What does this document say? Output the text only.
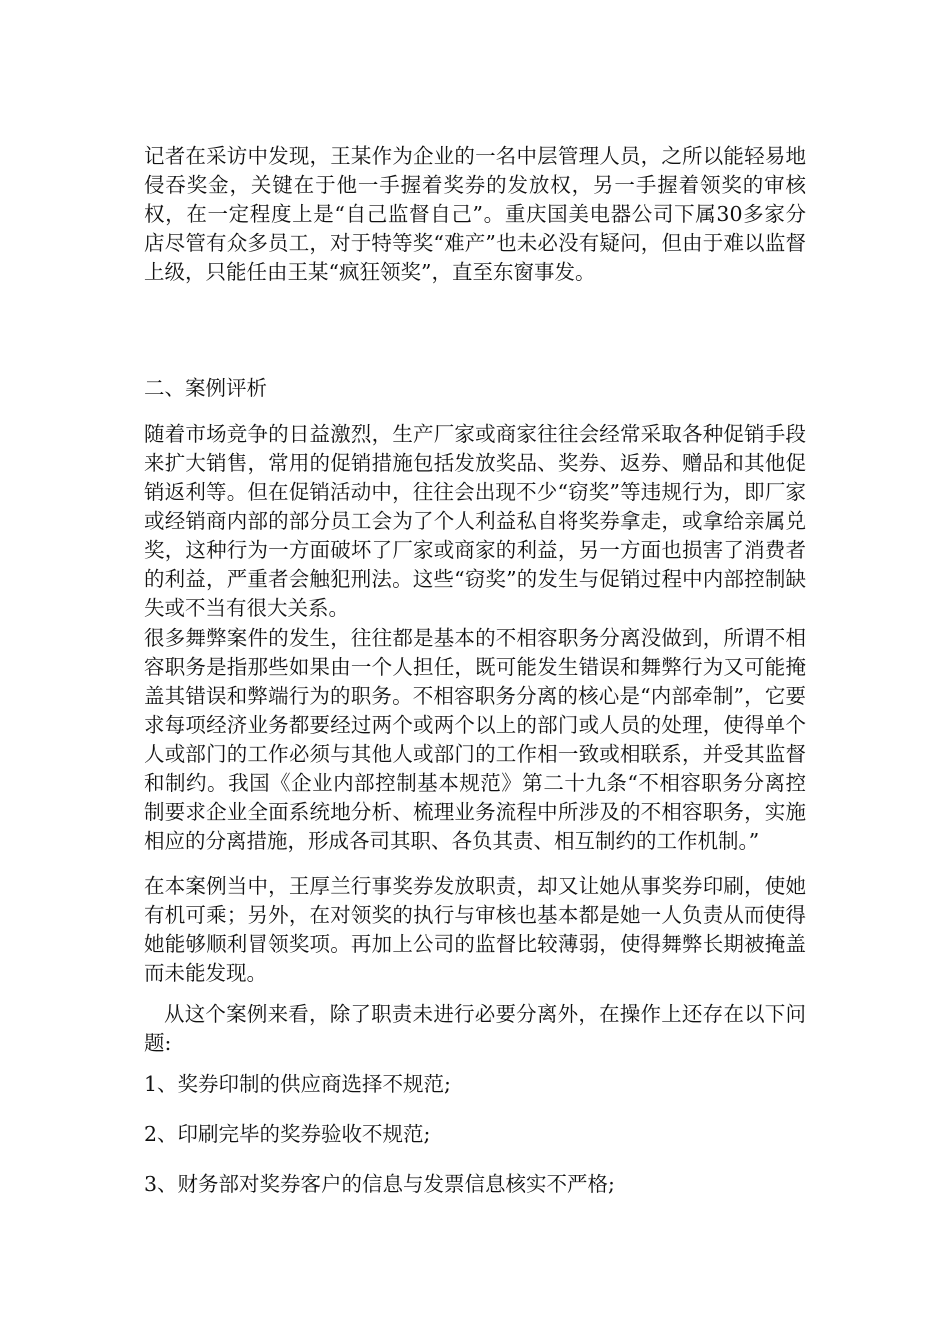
记者在采访中发现，王某作为企业的一名中层管理人员，之所以能轻易地侵吞奖金，关键在于他一手握着奖券的发放权，另一手握着领奖的审核权，在一定程度上是“自己监督自己”。重庆国美电器公司下属30多家分店尽管有众多员工，对于特等奖“难产”也未必没有疑问，但由于难以监督上级，只能任由王某“疯狂领奖”，直至东窗事发。

二、案例评析

随着市场竞争的日益激烈，生产厂家或商家往往会经常采取各种促销手段来扩大销售，常用的促销措施包括发放奖品、奖券、返券、赠品和其他促销返利等。但在促销活动中，往往会出现不少“窃奖”等违规行为，即厂家或经销商内部的部分员工会为了个人利益私自将奖券拿走，或拿给亲属兑奖，这种行为一方面破坏了厂家或商家的利益，另一方面也损害了消费者的利益，严重者会触犯刑法。这些“窃奖”的发生与促销过程中内部控制缺失或不当有很大关系。

很多舞弊案件的发生，往往都是基本的不相容职务分离没做到，所谓不相容职务是指那些如果由一个人担任，既可能发生错误和舞弊行为又可能掩盖其错误和弊端行为的职务。不相容职务分离的核心是“内部牵制”，它要求每项经济业务都要经过两个或两个以上的部门或人员的处理，使得单个人或部门的工作必须与其他人或部门的工作相一致或相联系，并受其监督和制约。我国《企业内部控制基本规范》第二十九条“不相容职务分离控制要求企业全面系统地分析、梳理业务流程中所涉及的不相容职务，实施相应的分离措施，形成各司其职、各负其责、相互制约的工作机制。”

在本案例当中，王厚兰行事奖券发放职责，却又让她从事奖券印刷，使她有机可乘；另外，在对领奖的执行与审核也基本都是她一人负责从而使得她能够顺利冒领奖项。再加上公司的监督比较薄弱，使得舞弊长期被掩盖而未能发现。

从这个案例来看，除了职责未进行必要分离外，在操作上还存在以下问题:

1、奖券印制的供应商选择不规范;

2、印刷完毕的奖券验收不规范;

3、财务部对奖券客户的信息与发票信息核实不严格;
